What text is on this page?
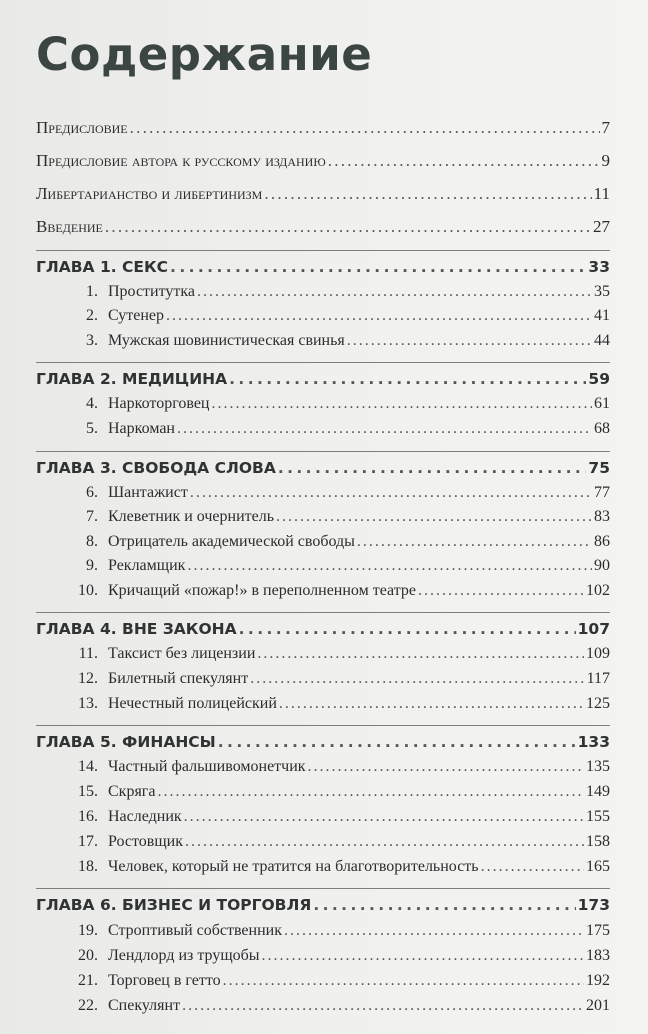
Содержание
Предисловие . . .	7
Предисловие автора к русскому изданию . . .	9
Либертарианство и либертинизм . . .	11
Введение . . .	27
ГЛАВА 1. СЕКС . . .	33
1. Проститутка . . .	35
2. Сутенер . . .	41
3. Мужская шовинистическая свинья . . .	44
ГЛАВА 2. МЕДИЦИНА . . .	59
4. Наркоторговец . . .	61
5. Наркоман . . .	68
ГЛАВА 3. СВОБОДА СЛОВА . . .	75
6. Шантажист . . .	77
7. Клеветник и очернитель . . .	83
8. Отрицатель академической свободы . . .	86
9. Рекламщик . . .	90
10. Кричащий «пожар!» в переполненном театре . . .	102
ГЛАВА 4. ВНЕ ЗАКОНА . . .	107
11. Таксист без лицензии . . .	109
12. Билетный спекулянт . . .	117
13. Нечестный полицейский . . .	125
ГЛАВА 5. ФИНАНСЫ . . .	133
14. Частный фальшивомонетчик . . .	135
15. Скряга . . .	149
16. Наследник . . .	155
17. Ростовщик . . .	158
18. Человек, который не тратится на благотворительность . . .	165
ГЛАВА 6. БИЗНЕС И ТОРГОВЛЯ . . .	173
19. Строптивый собственник . . .	175
20. Лендлорд из трущобы . . .	183
21. Торговец в гетто . . .	192
22. Спекулянт . . .	201
